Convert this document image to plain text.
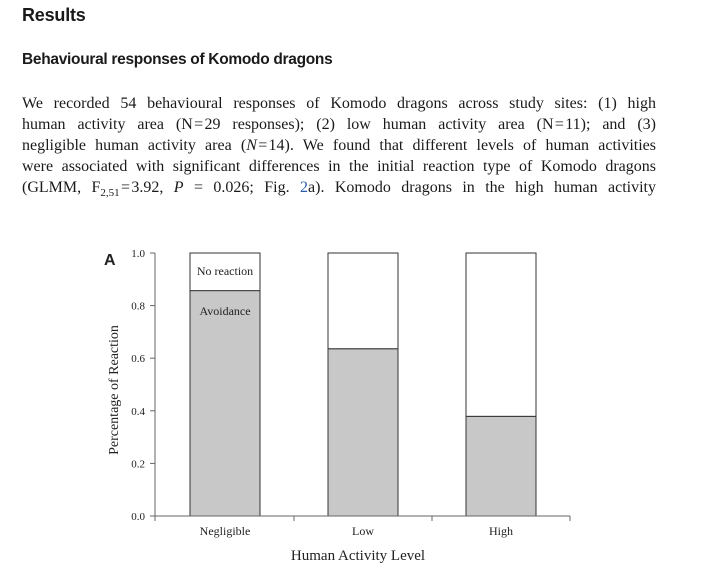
Results
Behavioural responses of Komodo dragons

We recorded 54 behavioural responses of Komodo dragons across study sites: (1) high
human activity area (N = 29 responses); (2) low human activity area (N = 11); and (3)
negligible human activity area (N = 14). We found that different levels of human activities
were associated with significant differences in the initial reaction type of Komodo dragons
(GLMM, $F_{2,51}$ = 3.92, P = 0.026; Fig. 2a). Komodo dragons in the high human activity

A
0.0
0.2
0.4
0.6
0.8
1.0
Negligible	Low	High
No reaction
Avoidance
Human Activity Level
Percentage of Reaction
